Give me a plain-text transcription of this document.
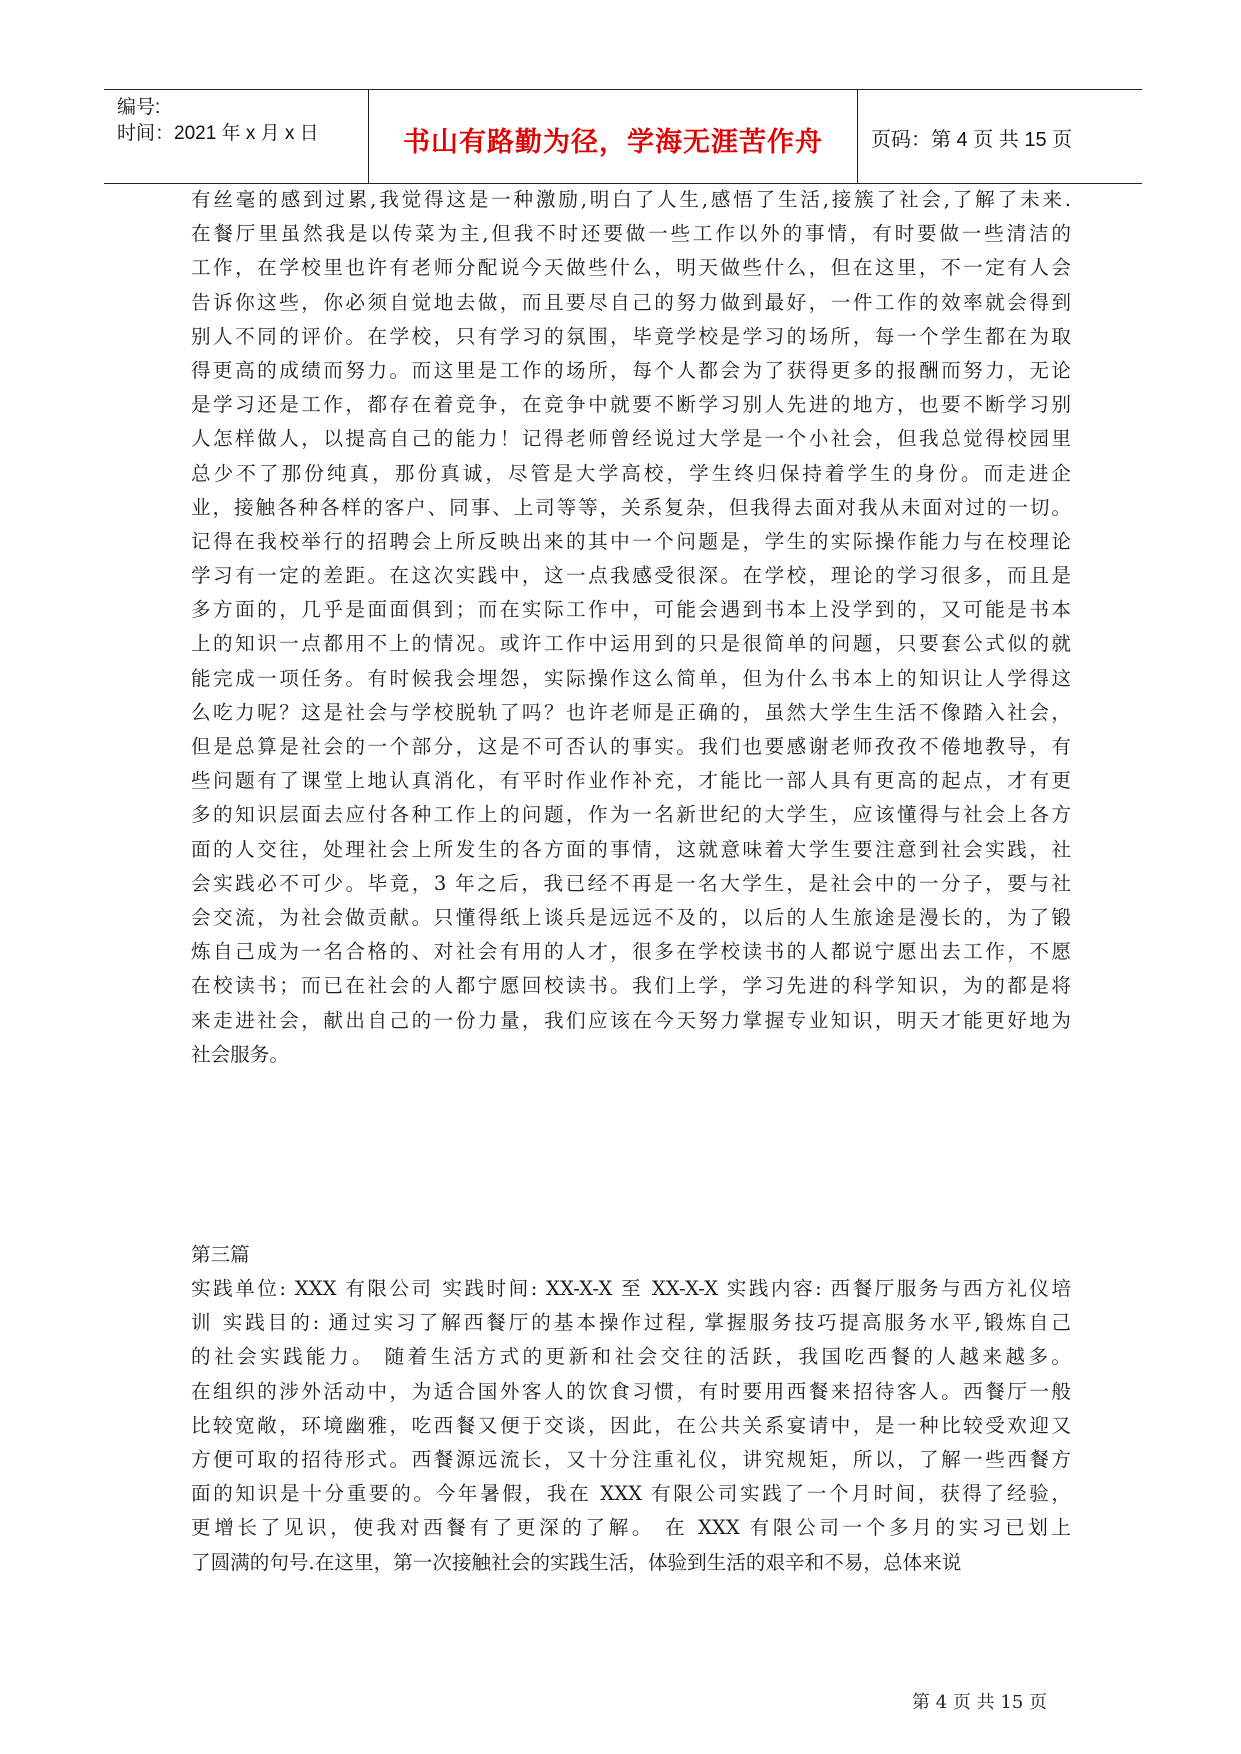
编号:
时间：2021 年 x 月 x 日	书山有路勤为径，学海无涯苦作舟	页码：第 4 页 共 15 页
有丝毫的感到过累,我觉得这是一种激励,明白了人生,感悟了生活,接簇了社会,了解了未来.
在餐厅里虽然我是以传菜为主,但我不时还要做一些工作以外的事情，有时要做一些清洁的
工作，在学校里也许有老师分配说今天做些什么，明天做些什么，但在这里，不一定有人会
告诉你这些，你必须自觉地去做，而且要尽自己的努力做到最好，一件工作的效率就会得到
别人不同的评价。在学校，只有学习的氛围，毕竟学校是学习的场所，每一个学生都在为取
得更高的成绩而努力。而这里是工作的场所，每个人都会为了获得更多的报酬而努力，无论
是学习还是工作，都存在着竞争，在竞争中就要不断学习别人先进的地方，也要不断学习别
人怎样做人，以提高自己的能力！记得老师曾经说过大学是一个小社会，但我总觉得校园里
总少不了那份纯真，那份真诚，尽管是大学高校，学生终归保持着学生的身份。而走进企
业，接触各种各样的客户、同事、上司等等，关系复杂，但我得去面对我从未面对过的一切。
记得在我校举行的招聘会上所反映出来的其中一个问题是，学生的实际操作能力与在校理论
学习有一定的差距。在这次实践中，这一点我感受很深。在学校，理论的学习很多，而且是
多方面的，几乎是面面俱到；而在实际工作中，可能会遇到书本上没学到的，又可能是书本
上的知识一点都用不上的情况。或许工作中运用到的只是很简单的问题，只要套公式似的就
能完成一项任务。有时候我会埋怨，实际操作这么简单，但为什么书本上的知识让人学得这
么吃力呢？这是社会与学校脱轨了吗？也许老师是正确的，虽然大学生生活不像踏入社会，
但是总算是社会的一个部分，这是不可否认的事实。我们也要感谢老师孜孜不倦地教导，有
些问题有了课堂上地认真消化，有平时作业作补充，才能比一部人具有更高的起点，才有更
多的知识层面去应付各种工作上的问题，作为一名新世纪的大学生，应该懂得与社会上各方
面的人交往，处理社会上所发生的各方面的事情，这就意味着大学生要注意到社会实践，社
会实践必不可少。毕竟，3 年之后，我已经不再是一名大学生，是社会中的一分子，要与社
会交流，为社会做贡献。只懂得纸上谈兵是远远不及的，以后的人生旅途是漫长的，为了锻
炼自己成为一名合格的、对社会有用的人才，很多在学校读书的人都说宁愿出去工作，不愿
在校读书；而已在社会的人都宁愿回校读书。我们上学，学习先进的科学知识，为的都是将
来走进社会，献出自己的一份力量，我们应该在今天努力掌握专业知识，明天才能更好地为
社会服务。
第三篇
实践单位: XXX 有限公司 实践时间: XX-X-X 至 XX-X-X 实践内容: 西餐厅服务与西方礼仪培
训 实践目的: 通过实习了解西餐厅的基本操作过程, 掌握服务技巧提高服务水平,锻炼自己
的社会实践能力。 随着生活方式的更新和社会交往的活跃，我国吃西餐的人越来越多。
在组织的涉外活动中，为适合国外客人的饮食习惯，有时要用西餐来招待客人。西餐厅一般
比较宽敞，环境幽雅，吃西餐又便于交谈，因此，在公共关系宴请中，是一种比较受欢迎又
方便可取的招待形式。西餐源远流长，又十分注重礼仪，讲究规矩，所以，了解一些西餐方
面的知识是十分重要的。今年暑假，我在 XXX 有限公司实践了一个月时间，获得了经验，
更增长了见识，使我对西餐有了更深的了解。 在 XXX 有限公司一个多月的实习已划上
了圆满的句号.在这里，第一次接触社会的实践生活，体验到生活的艰辛和不易，总体来说
第 4 页 共 15 页
